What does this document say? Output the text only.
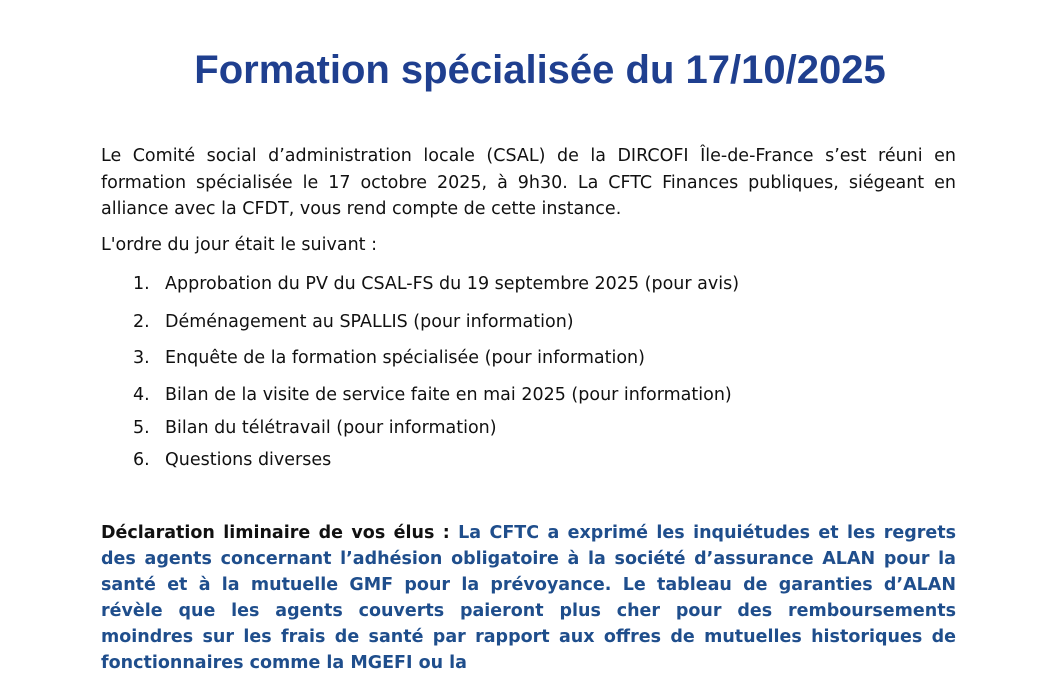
Formation spécialisée du 17/10/2025

Le Comité social d’administration locale (CSAL) de la DIRCOFI Île-de-France s’est réuni en formation spécialisée le 17 octobre 2025, à 9h30. La CFTC Finances publiques, siégeant en alliance avec la CFDT, vous rend compte de cette instance.

L'ordre du jour était le suivant :

1. Approbation du PV du CSAL-FS du 19 septembre 2025 (pour avis)
2. Déménagement au SPALLIS (pour information)
3. Enquête de la formation spécialisée (pour information)
4. Bilan de la visite de service faite en mai 2025 (pour information)
5. Bilan du télétravail (pour information)
6. Questions diverses

Déclaration liminaire de vos élus : La CFTC a exprimé les inquiétudes et les regrets des agents concernant l’adhésion obligatoire à la société d’assurance ALAN pour la santé et à la mutuelle GMF pour la prévoyance. Le tableau de garanties d’ALAN révèle que les agents couverts paieront plus cher pour des remboursements moindres sur les frais de santé par rapport aux offres de mutuelles historiques de fonctionnaires comme la MGEFI ou la
